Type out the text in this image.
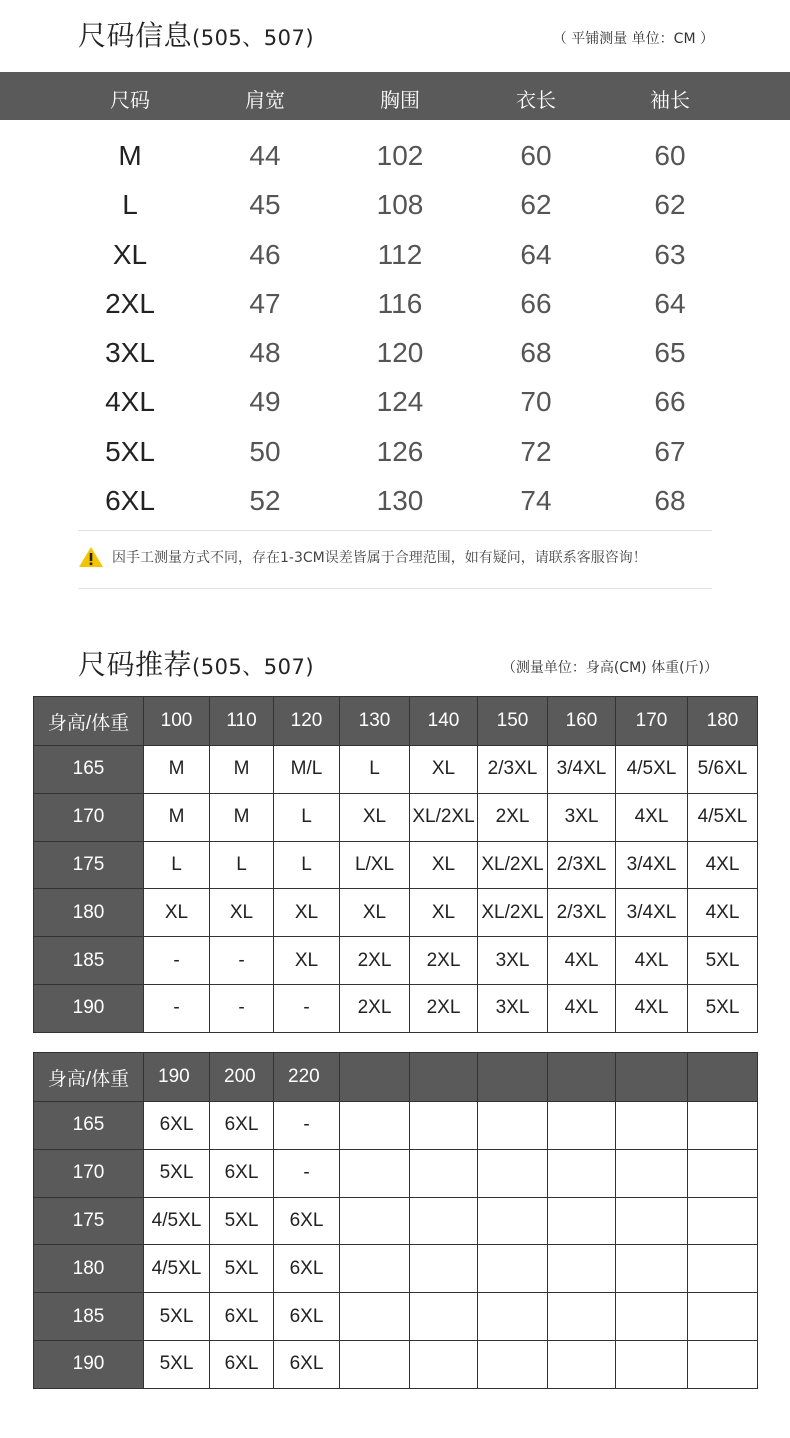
尺码信息(505、507)	（ 平铺测量 单位：CM ）
尺码	肩宽	胸围	衣长	袖长
M	44	102	60	60
L	45	108	62	62
XL	46	112	64	63
2XL	47	116	66	64
3XL	48	120	68	65
4XL	49	124	70	66
5XL	50	126	72	67
6XL	52	130	74	68
因手工测量方式不同，存在1-3CM误差皆属于合理范围，如有疑问，请联系客服咨询！
尺码推荐(505、507)	（测量单位：身高(CM) 体重(斤)）
身高/体重	100	110	120	130	140	150	160	170	180
165	M	M	M/L	L	XL	2/3XL	3/4XL	4/5XL	5/6XL
170	M	M	L	XL	XL/2XL	2XL	3XL	4XL	4/5XL
175	L	L	L	L/XL	XL	XL/2XL	2/3XL	3/4XL	4XL
180	XL	XL	XL	XL	XL	XL/2XL	2/3XL	3/4XL	4XL
185	-	-	XL	2XL	2XL	3XL	4XL	4XL	5XL
190	-	-	-	2XL	2XL	3XL	4XL	4XL	5XL
身高/体重	190	200	220						
165	6XL	6XL	-						
170	5XL	6XL	-						
175	4/5XL	5XL	6XL						
180	4/5XL	5XL	6XL						
185	5XL	6XL	6XL						
190	5XL	6XL	6XL						
